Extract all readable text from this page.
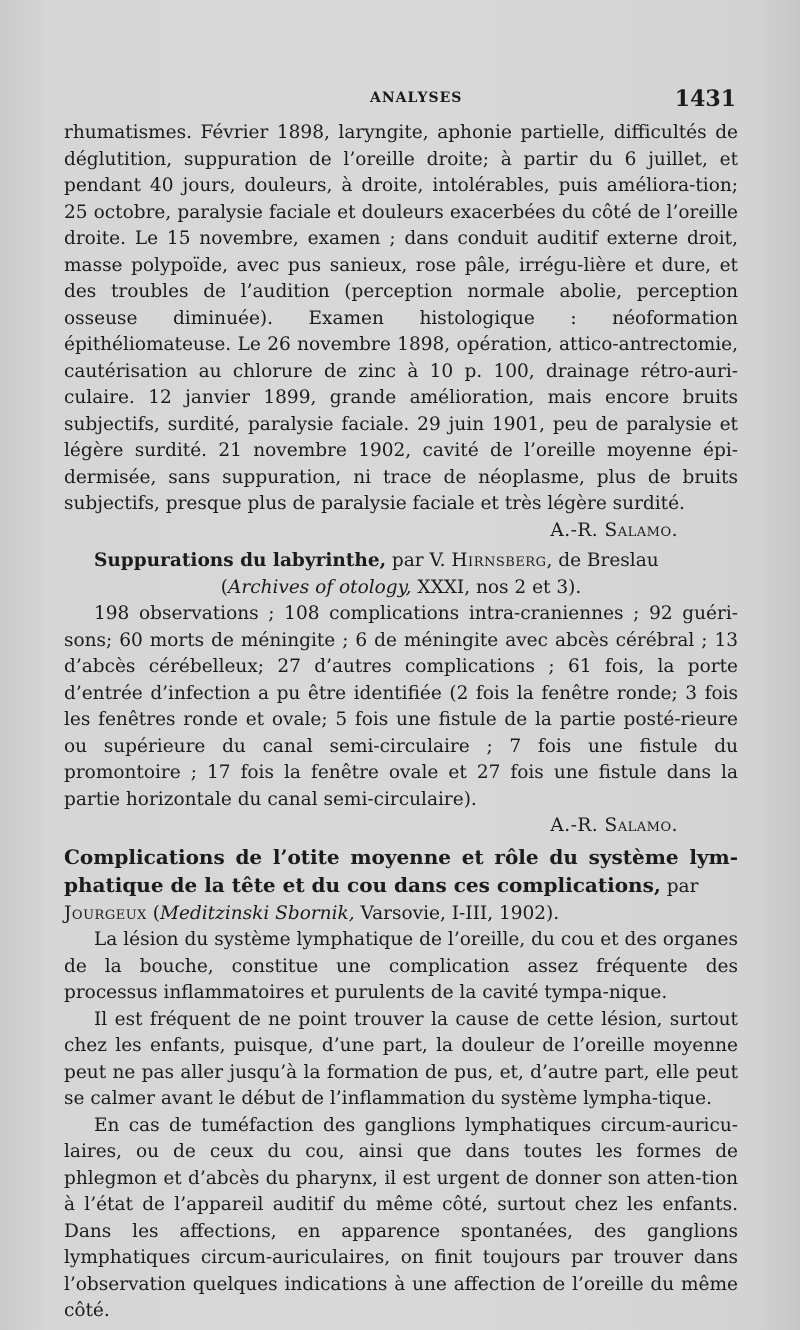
ANALYSES	1431

rhumatismes. Février 1898, laryngite, aphonie partielle, difficultés de déglutition, suppuration de l’oreille droite; à partir du 6 juillet, et pendant 40 jours, douleurs, à droite, intolérables, puis améliora-tion; 25 octobre, paralysie faciale et douleurs exacerbées du côté de l’oreille droite. Le 15 novembre, examen ; dans conduit auditif externe droit, masse polypoïde, avec pus sanieux, rose pâle, irrégu-lière et dure, et des troubles de l’audition (perception normale abolie, perception osseuse diminuée). Examen histologique : néoformation épithéliomateuse. Le 26 novembre 1898, opération, attico-antrectomie, cautérisation au chlorure de zinc à 10 p. 100, drainage rétro-auri-culaire. 12 janvier 1899, grande amélioration, mais encore bruits subjectifs, surdité, paralysie faciale. 29 juin 1901, peu de paralysie et légère surdité. 21 novembre 1902, cavité de l’oreille moyenne épi-dermisée, sans suppuration, ni trace de néoplasme, plus de bruits subjectifs, presque plus de paralysie faciale et très légère surdité.

A.-R. Salamo.

Suppurations du labyrinthe, par V. Hirnsberg, de Breslau

(Archives of otology, XXXI, nos 2 et 3).

198 observations ; 108 complications intra-craniennes ; 92 guéri-sons; 60 morts de méningite ; 6 de méningite avec abcès cérébral ; 13 d’abcès cérébelleux; 27 d’autres complications ; 61 fois, la porte d’entrée d’infection a pu être identifiée (2 fois la fenêtre ronde; 3 fois les fenêtres ronde et ovale; 5 fois une fistule de la partie posté-rieure ou supérieure du canal semi-circulaire ; 7 fois une fistule du promontoire ; 17 fois la fenêtre ovale et 27 fois une fistule dans la partie horizontale du canal semi-circulaire).

A.-R. Salamo.

Complications de l’otite moyenne et rôle du système lym-phatique de la tête et du cou dans ces complications, par

Jourgeux (Meditzinski Sbornik, Varsovie, I-III, 1902).

La lésion du système lymphatique de l’oreille, du cou et des organes de la bouche, constitue une complication assez fréquente des processus inflammatoires et purulents de la cavité tympa-nique.

Il est fréquent de ne point trouver la cause de cette lésion, surtout chez les enfants, puisque, d’une part, la douleur de l’oreille moyenne peut ne pas aller jusqu’à la formation de pus, et, d’autre part, elle peut se calmer avant le début de l’inflammation du système lympha-tique.

En cas de tuméfaction des ganglions lymphatiques circum-auricu-laires, ou de ceux du cou, ainsi que dans toutes les formes de phlegmon et d’abcès du pharynx, il est urgent de donner son atten-tion à l’état de l’appareil auditif du même côté, surtout chez les enfants. Dans les affections, en apparence spontanées, des ganglions lymphatiques circum-auriculaires, on finit toujours par trouver dans l’observation quelques indications à une affection de l’oreille du même côté.
